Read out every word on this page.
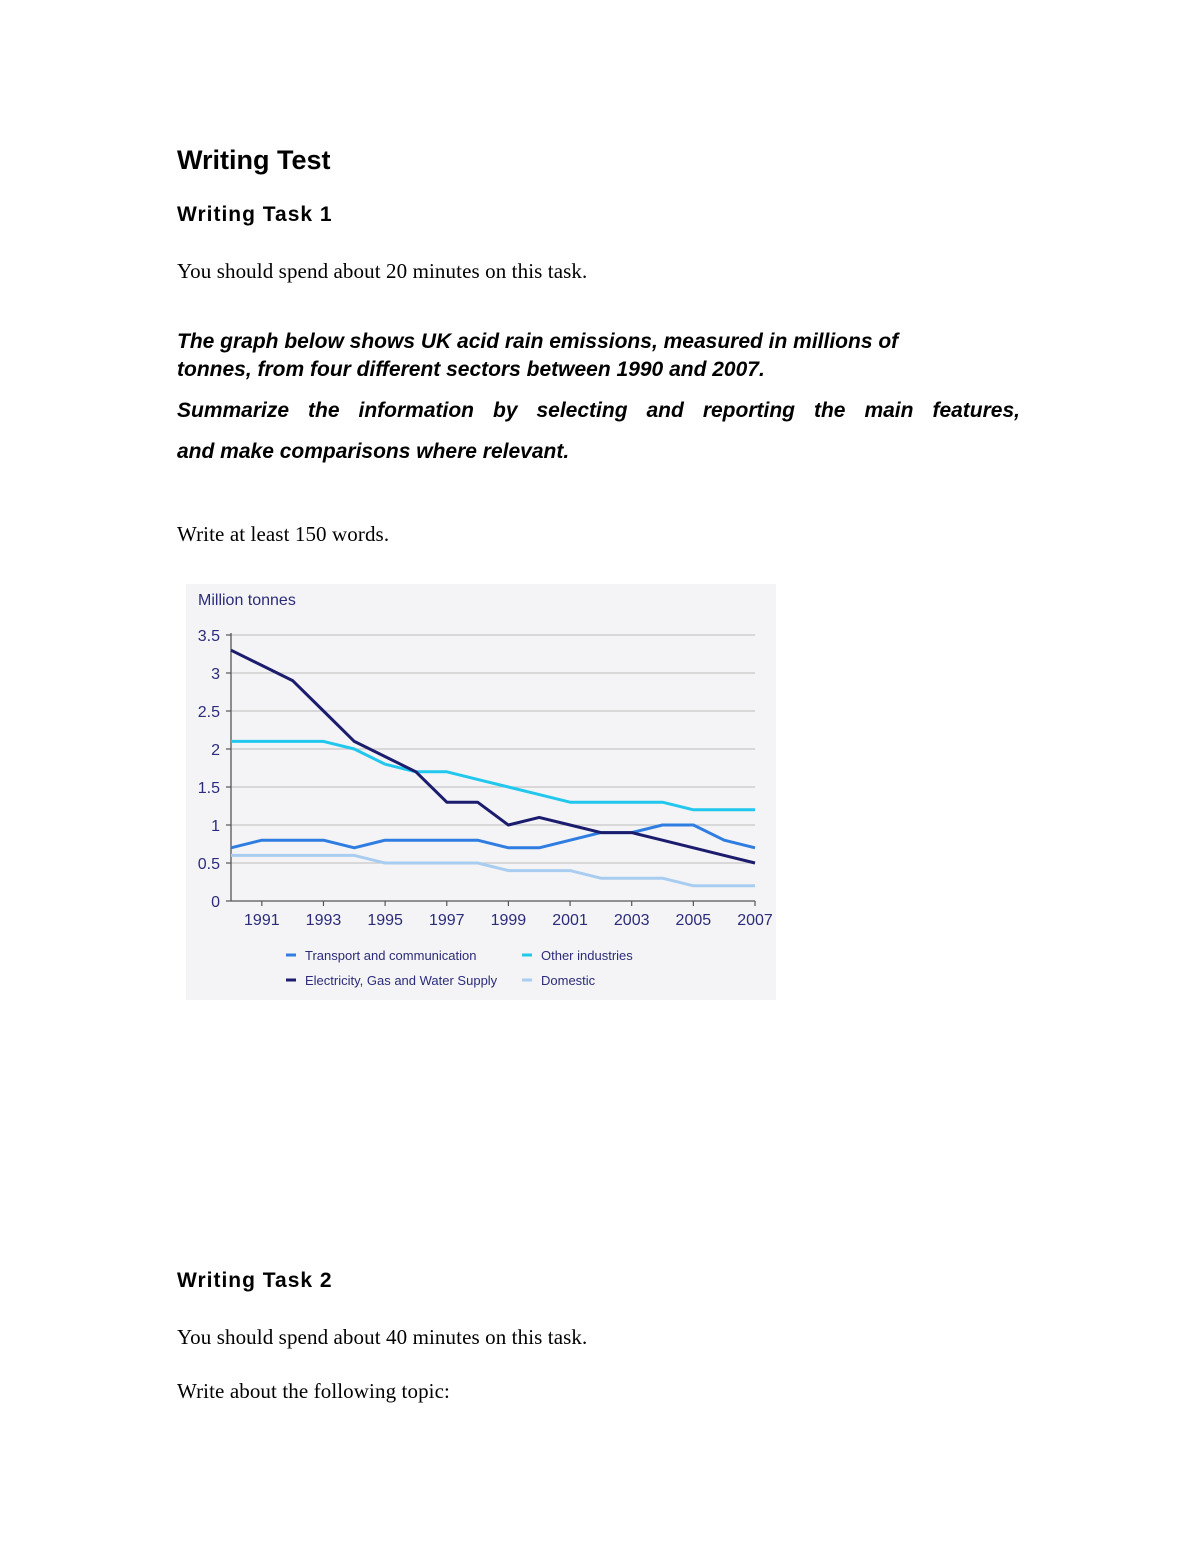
Writing Test
Writing Task 1
You should spend about 20 minutes on this task.
The graph below shows UK acid rain emissions, measured in millions of
tonnes, from four different sectors between 1990 and 2007.
Summarize the information by selecting and reporting the main features,
and make comparisons where relevant.
Write at least 150 words.
Million tonnes
0
0.5
1
1.5
2
2.5
3
3.5
1991 1993 1995 1997 1999 2001 2003 2005 2007
Transport and communication	Other industries
Electricity, Gas and Water Supply	Domestic
Writing Task 2
You should spend about 40 minutes on this task.
Write about the following topic:
